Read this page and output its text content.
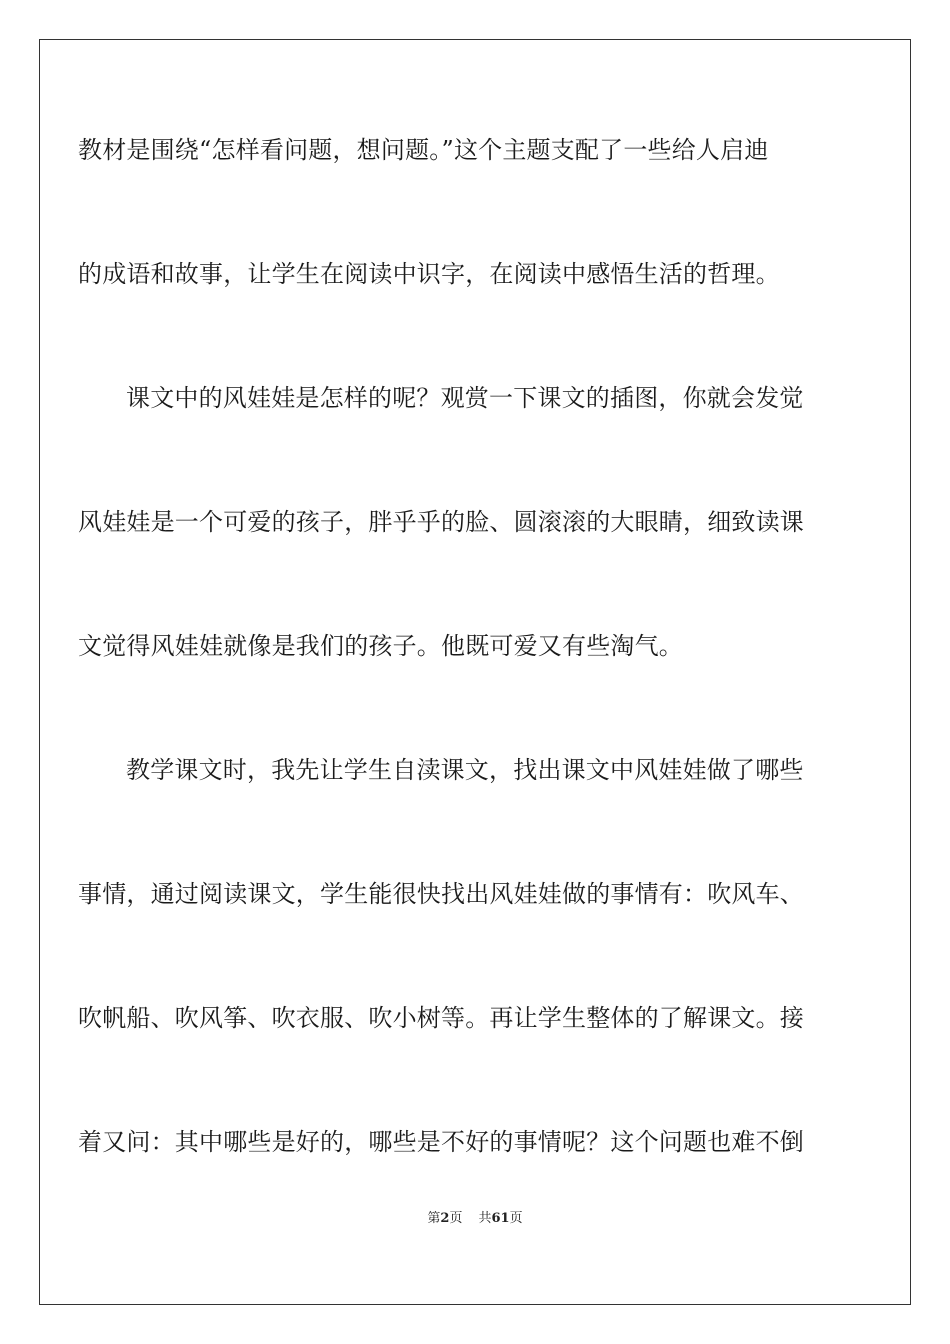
教材是围绕“怎样看问题，想问题。”这个主题支配了一些给人启迪
的成语和故事，让学生在阅读中识字，在阅读中感悟生活的哲理。
课文中的风娃娃是怎样的呢？观赏一下课文的插图，你就会发觉
风娃娃是一个可爱的孩子，胖乎乎的脸、圆滚滚的大眼睛，细致读课
文觉得风娃娃就像是我们的孩子。他既可爱又有些淘气。
教学课文时，我先让学生自渎课文，找出课文中风娃娃做了哪些
事情，通过阅读课文，学生能很快找出风娃娃做的事情有：吹风车、
吹帆船、吹风筝、吹衣服、吹小树等。再让学生整体的了解课文。接
着又问：其中哪些是好的，哪些是不好的事情呢？这个问题也难不倒
第2页 共61页
